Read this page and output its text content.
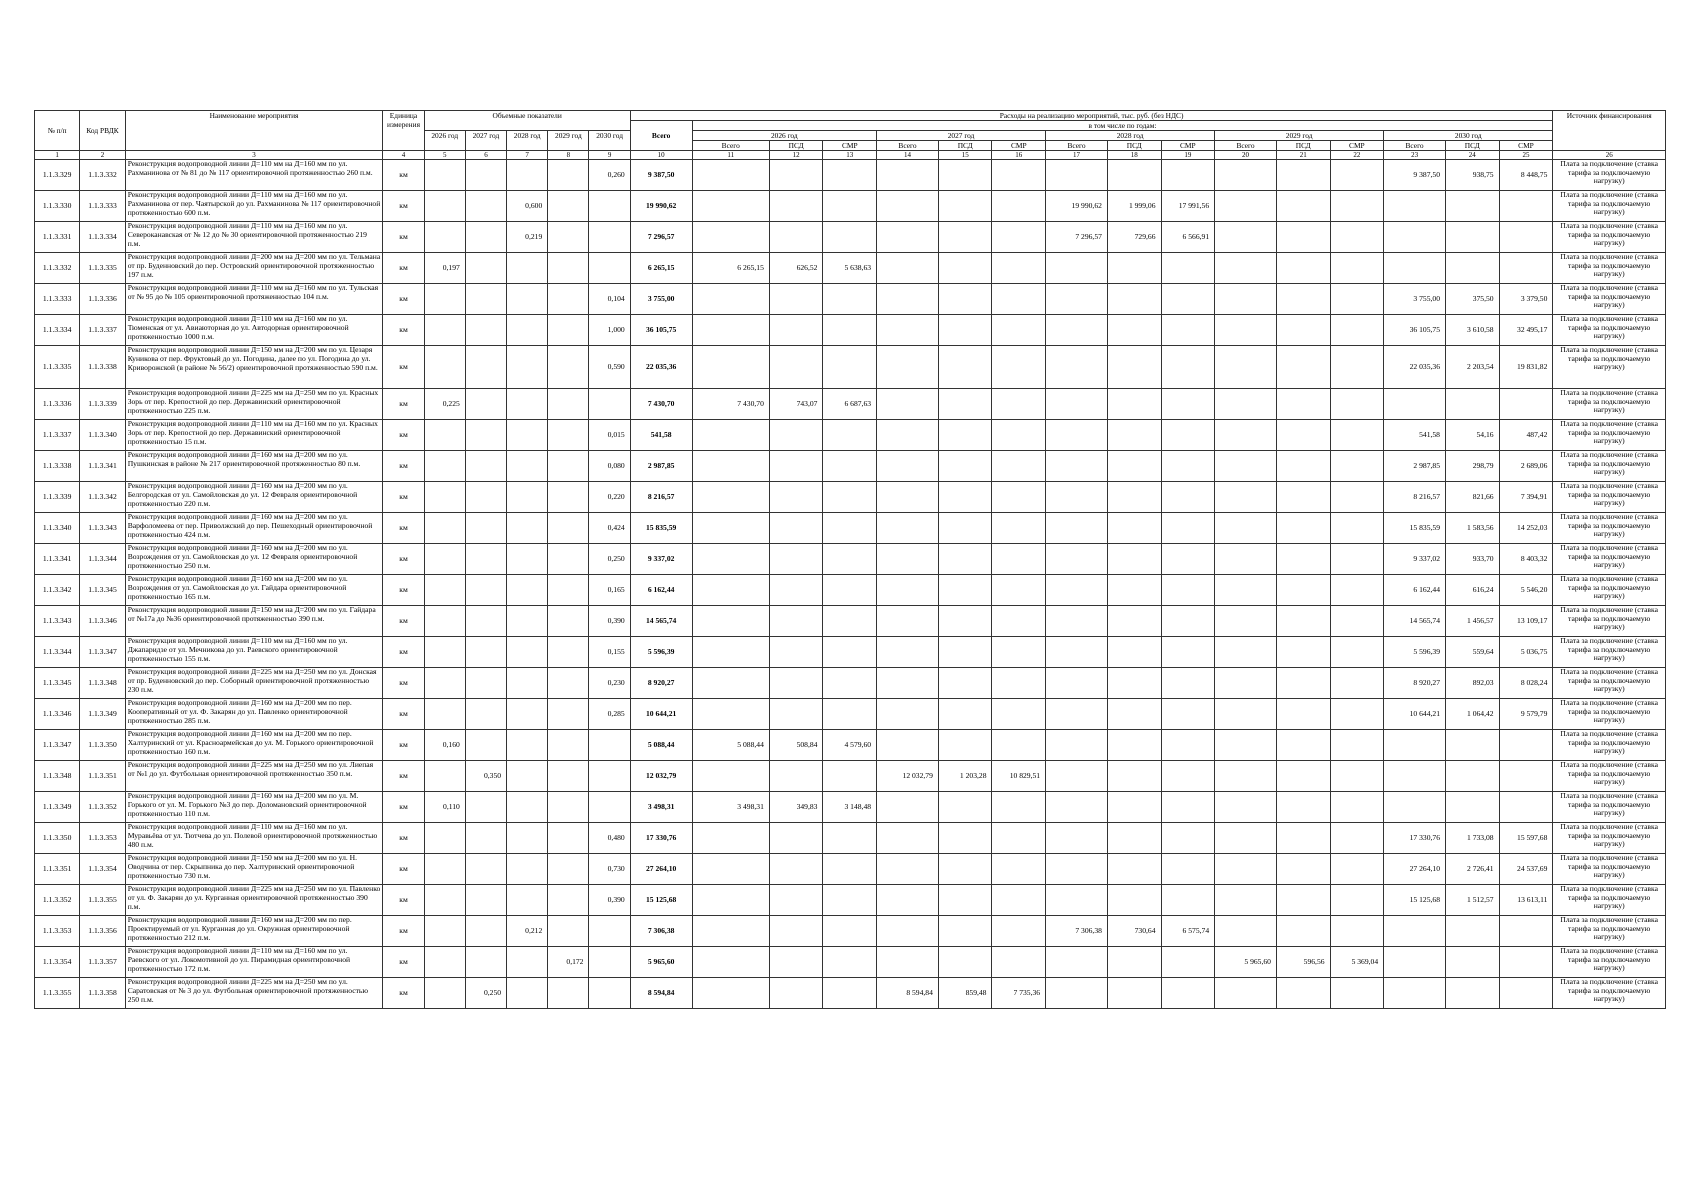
№ п/п	Код РВДК	Наименование мероприятия	Единица измерения	Объемные показатели					Расходы на реализацию мероприятий, тыс. руб. (без НДС)																Источник финансирования
									Всего	в том числе по годам:															
				2026 год	2027 год	2028 год	2029 год	2030 год		2026 год			2027 год			2028 год			2029 год			2030 год			
										Всего	ПСД	СМР	Всего	ПСД	СМР	Всего	ПСД	СМР	Всего	ПСД	СМР	Всего	ПСД	СМР	
1	2	3	4	5	6	7	8	9	10	11	12	13	14	15	16	17	18	19	20	21	22	23	24	25	26
1.1.3.329	1.1.3.332	Реконструкция водопроводной линии Д=110 мм на Д=160 мм по ул. Рахманинова от № 81 до № 117 ориентировочной протяженностью 260 п.м.	км					0,260	9 387,50													9 387,50	938,75	8 448,75	Плата за подключение (ставка тарифа за подключаемую нагрузку)
1.1.3.330	1.1.3.333	Реконструкция водопроводной линии Д=110 мм на Д=160 мм по ул. Рахманинова от пер. Чаятырской до ул. Рахманинова № 117 ориентировочной протяженностью 600 п.м.	км			0,600			19 990,62							19 990,62	1 999,06	17 991,56							Плата за подключение (ставка тарифа за подключаемую нагрузку)
1.1.3.331	1.1.3.334	Реконструкция водопроводной линии Д=110 мм на Д=160 мм по ул. Североканавская от № 12 до № 30 ориентировочной протяженностью 219 п.м.	км			0,219			7 296,57							7 296,57	729,66	6 566,91							Плата за подключение (ставка тарифа за подключаемую нагрузку)
1.1.3.332	1.1.3.335	Реконструкция водопроводной линии Д=200 мм на Д=200 мм по ул. Тельмана от пр. Буденновский до пер. Островский ориентировочной протяженностью 197 п.м.	км	0,197					6 265,15	6 265,15	626,52	5 638,63													Плата за подключение (ставка тарифа за подключаемую нагрузку)
1.1.3.333	1.1.3.336	Реконструкция водопроводной линии Д=110 мм на Д=160 мм по ул. Тульская от № 95 до № 105 ориентировочной протяженностью 104 п.м.	км					0,104	3 755,00													3 755,00	375,50	3 379,50	Плата за подключение (ставка тарифа за подключаемую нагрузку)
1.1.3.334	1.1.3.337	Реконструкция водопроводной линии Д=110 мм на Д=160 мм по ул. Тюменская от ул. Авиаюторная до ул. Автодорная ориентировочной протяженностью 1000 п.м.	км					1,000	36 105,75													36 105,75	3 610,58	32 495,17	Плата за подключение (ставка тарифа за подключаемую нагрузку)
1.1.3.335	1.1.3.338	Реконструкция водопроводной линии Д=150 мм на Д=200 мм по ул. Цезаря Куникова от пер. Фруктовый до ул. Погодина, далее по ул. Погодина до ул. Криворожской (в районе № 56/2) ориентировочной протяженностью 590 п.м.	км					0,590	22 035,36													22 035,36	2 203,54	19 831,82	Плата за подключение (ставка тарифа за подключаемую нагрузку)
1.1.3.336	1.1.3.339	Реконструкция водопроводной линии Д=225 мм на Д=250 мм по ул. Красных Зорь от пер. Крепостной до пер. Державинский ориентировочной протяженностью 225 п.м.	км	0,225					7 430,70	7 430,70	743,07	6 687,63													Плата за подключение (ставка тарифа за подключаемую нагрузку)
1.1.3.337	1.1.3.340	Реконструкция водопроводной линии Д=110 мм на Д=160 мм по ул. Красных Зорь от пер. Крепостной до пер. Державинский ориентировочной протяженностью 15 п.м.	км					0,015	541,58													541,58	54,16	487,42	Плата за подключение (ставка тарифа за подключаемую нагрузку)
1.1.3.338	1.1.3.341	Реконструкция водопроводной линии Д=160 мм на Д=200 мм по ул. Пушкинская в районе № 217 ориентировочной протяженностью 80 п.м.	км					0,080	2 987,85													2 987,85	298,79	2 689,06	Плата за подключение (ставка тарифа за подключаемую нагрузку)
1.1.3.339	1.1.3.342	Реконструкция водопроводной линии Д=160 мм на Д=200 мм по ул. Белгородская от ул. Самойловская до ул. 12 Февраля ориентировочной протяженностью 220 п.м.	км					0,220	8 216,57													8 216,57	821,66	7 394,91	Плата за подключение (ставка тарифа за подключаемую нагрузку)
1.1.3.340	1.1.3.343	Реконструкция водопроводной линии Д=160 мм на Д=200 мм по ул. Варфоломеева от пер. Приволжский до пер. Пешеходный ориентировочной протяженностью 424 п.м.	км					0,424	15 835,59													15 835,59	1 583,56	14 252,03	Плата за подключение (ставка тарифа за подключаемую нагрузку)
1.1.3.341	1.1.3.344	Реконструкция водопроводной линии Д=160 мм на Д=200 мм по ул. Возрождения от ул. Самойловская до ул. 12 Февраля ориентировочной протяженностью 250 п.м.	км					0,250	9 337,02													9 337,02	933,70	8 403,32	Плата за подключение (ставка тарифа за подключаемую нагрузку)
1.1.3.342	1.1.3.345	Реконструкция водопроводной линии Д=160 мм на Д=200 мм по ул. Возрождения от ул. Самойловская до ул. Гайдара ориентировочной протяженностью 165 п.м.	км					0,165	6 162,44													6 162,44	616,24	5 546,20	Плата за подключение (ставка тарифа за подключаемую нагрузку)
1.1.3.343	1.1.3.346	Реконструкция водопроводной линии Д=150 мм на Д=200 мм по ул. Гайдара от №17а до №36 ориентировочной протяженностью 390 п.м.	км					0,390	14 565,74													14 565,74	1 456,57	13 109,17	Плата за подключение (ставка тарифа за подключаемую нагрузку)
1.1.3.344	1.1.3.347	Реконструкция водопроводной линии Д=110 мм на Д=160 мм по ул. Джапаридзе от ул. Мечникова до ул. Раевского ориентировочной протяженностью 155 п.м.	км					0,155	5 596,39													5 596,39	559,64	5 036,75	Плата за подключение (ставка тарифа за подключаемую нагрузку)
1.1.3.345	1.1.3.348	Реконструкция водопроводной линии Д=225 мм на Д=250 мм по ул. Донская от пр. Буденновский до пер. Соборный ориентировочной протяженностью 230 п.м.	км					0,230	8 920,27													8 920,27	892,03	8 028,24	Плата за подключение (ставка тарифа за подключаемую нагрузку)
1.1.3.346	1.1.3.349	Реконструкция водопроводной линии Д=160 мм на Д=200 мм по пер. Кооперативный от ул. Ф. Закарян до ул. Павленко ориентировочной протяженностью 285 п.м.	км					0,285	10 644,21													10 644,21	1 064,42	9 579,79	Плата за подключение (ставка тарифа за подключаемую нагрузку)
1.1.3.347	1.1.3.350	Реконструкция водопроводной линии Д=160 мм на Д=200 мм по пер. Халтуринский от ул. Красноармейская до ул. М. Горького ориентировочной протяженностью 160 п.м.	км	0,160					5 088,44	5 088,44	508,84	4 579,60													Плата за подключение (ставка тарифа за подключаемую нагрузку)
1.1.3.348	1.1.3.351	Реконструкция водопроводной линии Д=225 мм на Д=250 мм по ул. Лиепая от №1 до ул. Футбольная ориентировочной протяженностью 350 п.м.	км		0,350				12 032,79				12 032,79	1 203,28	10 829,51										Плата за подключение (ставка тарифа за подключаемую нагрузку)
1.1.3.349	1.1.3.352	Реконструкция водопроводной линии Д=160 мм на Д=200 мм по ул. М. Горького от ул. М. Горького №3 до пер. Доломановский ориентировочной протяженностью 110 п.м.	км	0,110					3 498,31	3 498,31	349,83	3 148,48													Плата за подключение (ставка тарифа за подключаемую нагрузку)
1.1.3.350	1.1.3.353	Реконструкция водопроводной линии Д=110 мм на Д=160 мм по ул. Муравьёва от ул. Тютчева до ул. Полевой ориентировочной протяженностью 480 п.м.	км					0,480	17 330,76													17 330,76	1 733,08	15 597,68	Плата за подключение (ставка тарифа за подключаемую нагрузку)
1.1.3.351	1.1.3.354	Реконструкция водопроводной линии Д=150 мм на Д=200 мм по ул. Н. Оводчина от пер. Скрыпника до пер. Халтуринский ориентировочной протяженностью 730 п.м.	км					0,730	27 264,10													27 264,10	2 726,41	24 537,69	Плата за подключение (ставка тарифа за подключаемую нагрузку)
1.1.3.352	1.1.3.355	Реконструкция водопроводной линии Д=225 мм на Д=250 мм по ул. Павленко от ул. Ф. Закарян до ул. Курганная ориентировочной протяженностью 390 п.м.	км					0,390	15 125,68													15 125,68	1 512,57	13 613,11	Плата за подключение (ставка тарифа за подключаемую нагрузку)
1.1.3.353	1.1.3.356	Реконструкция водопроводной линии Д=160 мм на Д=200 мм по пер. Проектируемый от ул. Курганная до ул. Окружная ориентировочной протяженностью 212 п.м.	км			0,212			7 306,38							7 306,38	730,64	6 575,74							Плата за подключение (ставка тарифа за подключаемую нагрузку)
1.1.3.354	1.1.3.357	Реконструкция водопроводной линии Д=110 мм на Д=160 мм по ул. Раевского от ул. Локомотивной до ул. Пирамидная ориентировочной протяженностью 172 п.м.	км				0,172		5 965,60										5 965,60	596,56	5 369,04				Плата за подключение (ставка тарифа за подключаемую нагрузку)
1.1.3.355	1.1.3.358	Реконструкция водопроводной линии Д=225 мм на Д=250 мм по ул. Саратовская от № 3 до ул. Футбольная ориентировочной протяженностью 250 п.м.	км		0,250				8 594,84				8 594,84	859,48	7 735,36										Плата за подключение (ставка тарифа за подключаемую нагрузку)
